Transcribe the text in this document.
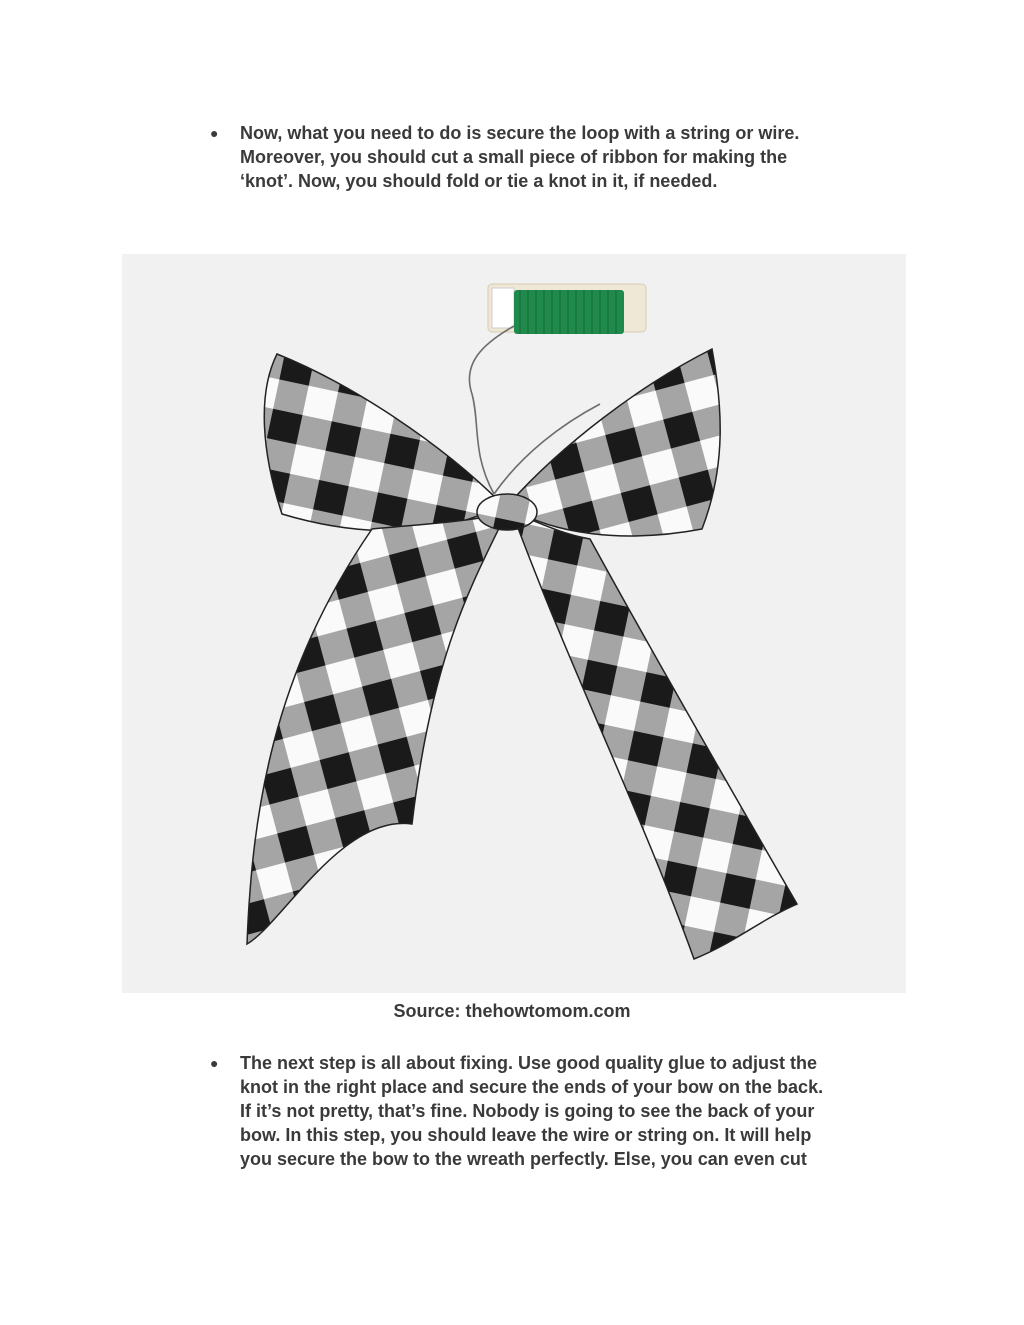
●	Now, what you need to do is secure the loop with a string or wire.
Moreover, you should cut a small piece of ribbon for making the
‘knot’. Now, you should fold or tie a knot in it, if needed.
Source: thehowtomom.com
●	The next step is all about fixing. Use good quality glue to adjust the
knot in the right place and secure the ends of your bow on the back.
If it’s not pretty, that’s fine. Nobody is going to see the back of your
bow. In this step, you should leave the wire or string on. It will help
you secure the bow to the wreath perfectly. Else, you can even cut
